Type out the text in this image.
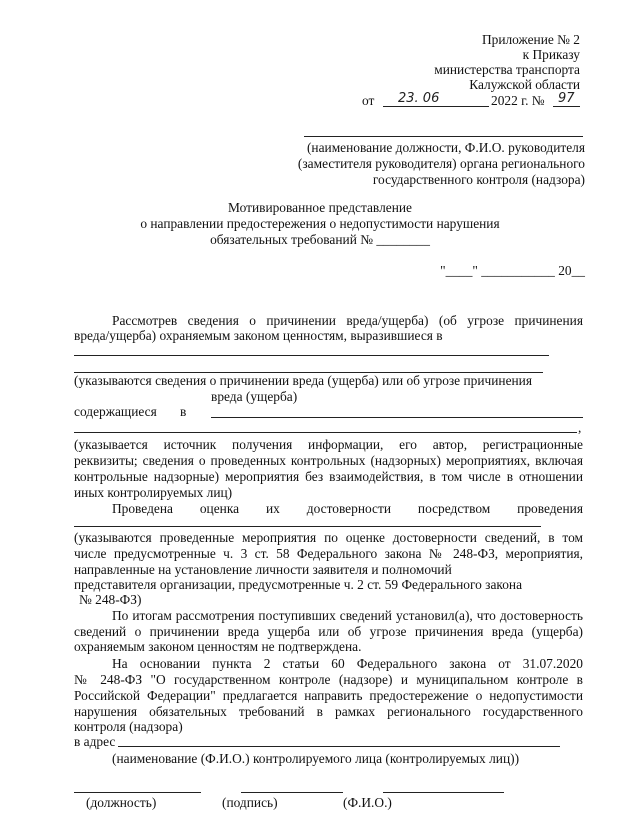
Приложение № 2
к Приказу
министерства транспорта
Калужской области
от 23. 06	2022 г. № 97
(наименование должности, Ф.И.О. руководителя
(заместителя руководителя) органа регионального
государственного контроля (надзора)
Мотивированное представление
о направлении предостережения о недопустимости нарушения
обязательных требований № ________
"____" ___________ 20__
Рассмотрев сведения о причинении вреда/ущерба) (об угрозе причинения
вреда/ущерба) охраняемым законом ценностям, выразившиеся в
(указываются сведения о причинении вреда (ущерба) или об угрозе причинения
вреда (ущерба)
содержащиеся в
,
(указывается источник получения информации, его автор, регистрационные
реквизиты; сведения о проведенных контрольных (надзорных) мероприятиях, включая
контрольные надзорные) мероприятия без взаимодействия, в том числе в отношении
иных контролируемых лиц)
Проведена оценка их достоверности посредством проведения
(указываются проведенные мероприятия по оценке достоверности сведений, в том
числе предусмотренные ч. 3 ст. 58 Федерального закона № 248-ФЗ, мероприятия,
направленные на установление личности заявителя и полномочий
представителя организации, предусмотренные ч. 2 ст. 59 Федерального закона
№ 248-ФЗ)
По итогам рассмотрения поступивших сведений установил(а), что достоверность
сведений о причинении вреда ущерба или об угрозе причинения вреда (ущерба)
охраняемым законом ценностям не подтверждена.
На основании пункта 2 статьи 60 Федерального закона от 31.07.2020
№ 248-ФЗ "О государственном контроле (надзоре) и муниципальном контроле в
Российской Федерации" предлагается направить предостережение о недопустимости
нарушения обязательных требований в рамках регионального государственного
контроля (надзора)
в адрес
(наименование (Ф.И.О.) контролируемого лица (контролируемых лиц))
(должность)	(подпись)	(Ф.И.О.)
